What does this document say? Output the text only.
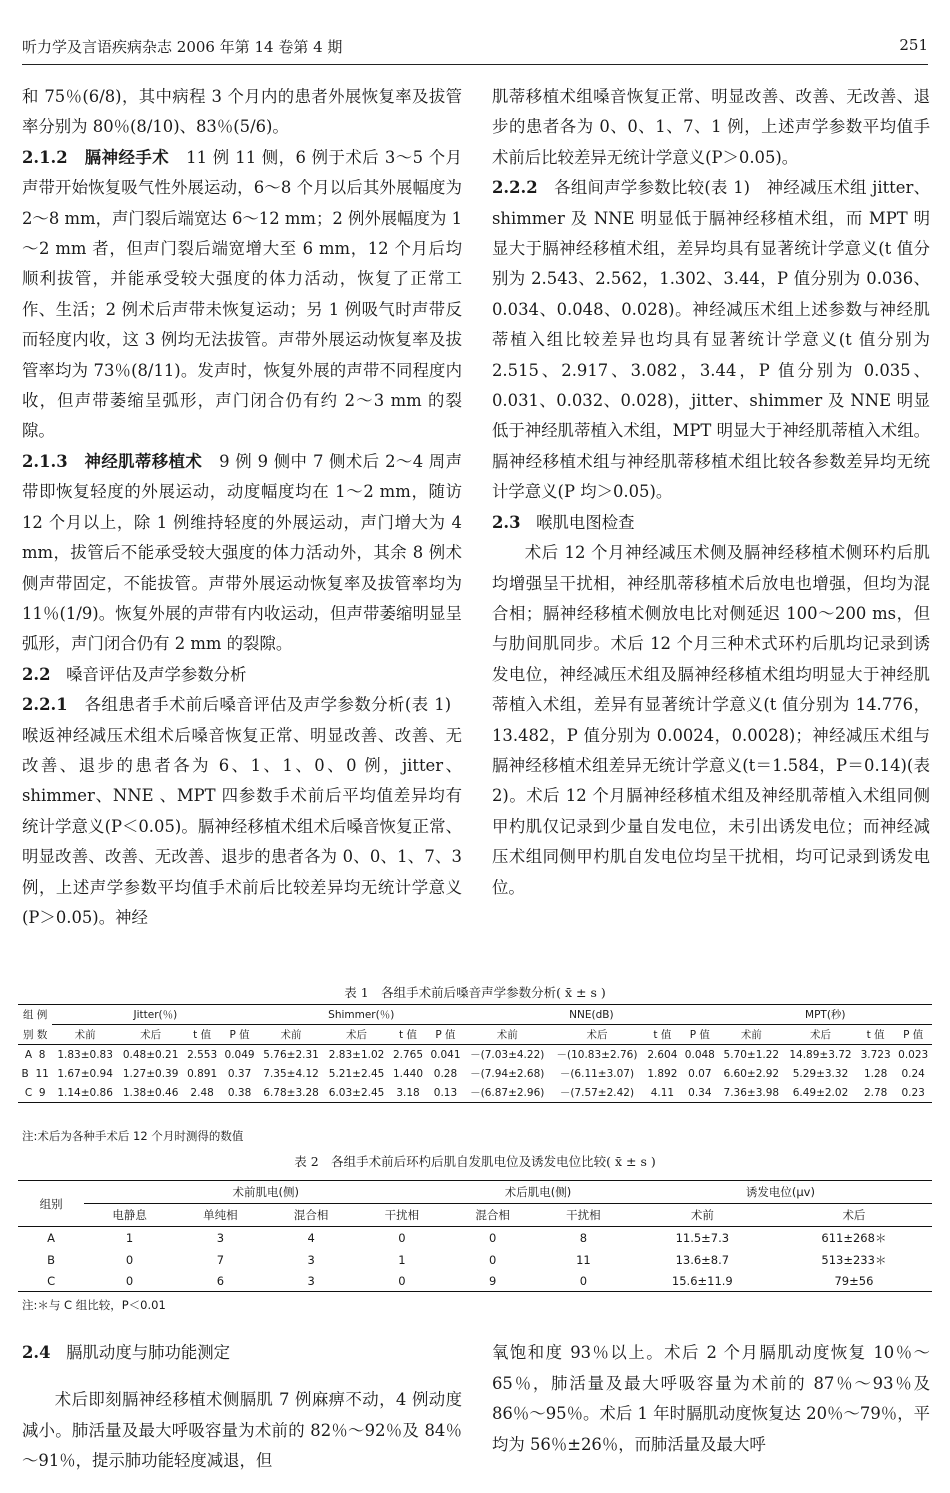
听力学及言语疾病杂志 2006 年第 14 卷第 4 期	251

和 75％(6/8)，其中病程 3 个月内的患者外展恢复率及拔管率分别为 80％(8/10)、83％(5/6)。

2.1.2 膈神经手术 11 例 11 侧，6 例于术后 3～5 个月声带开始恢复吸气性外展运动，6～8 个月以后其外展幅度为 2～8 mm，声门裂后端宽达 6～12 mm；2 例外展幅度为 1～2 mm 者，但声门裂后端宽增大至 6 mm，12 个月后均顺利拔管，并能承受较大强度的体力活动，恢复了正常工作、生活；2 例术后声带未恢复运动；另 1 例吸气时声带反而轻度内收，这 3 例均无法拔管。声带外展运动恢复率及拔管率均为 73％(8/11)。发声时，恢复外展的声带不同程度内收，但声带萎缩呈弧形，声门闭合仍有约 2～3 mm 的裂隙。

2.1.3 神经肌蒂移植术 9 例 9 侧中 7 侧术后 2～4 周声带即恢复轻度的外展运动，动度幅度均在 1～2 mm，随访 12 个月以上，除 1 例维持轻度的外展运动，声门增大为 4 mm，拔管后不能承受较大强度的体力活动外，其余 8 例术侧声带固定，不能拔管。声带外展运动恢复率及拔管率均为 11％(1/9)。恢复外展的声带有内收运动，但声带萎缩明显呈弧形，声门闭合仍有 2 mm 的裂隙。

2.2 嗓音评估及声学参数分析

2.2.1 各组患者手术前后嗓音评估及声学参数分析(表 1)   喉返神经减压术组术后嗓音恢复正常、明显改善、改善、无改善、退步的患者各为 6、1、1、0、0 例，jitter、shimmer、NNE 、MPT 四参数手术前后平均值差异均有统计学意义(P＜0.05)。膈神经移植术组术后嗓音恢复正常、明显改善、改善、无改善、退步的患者各为 0、0、1、7、3 例，上述声学参数平均值手术前后比较差异均无统计学意义(P＞0.05)。神经

肌蒂移植术组嗓音恢复正常、明显改善、改善、无改善、退步的患者各为 0、0、1、7、1 例，上述声学参数平均值手术前后比较差异无统计学意义(P＞0.05)。

2.2.2 各组间声学参数比较(表 1) 神经减压术组 jitter、shimmer 及 NNE 明显低于膈神经移植术组，而 MPT 明显大于膈神经移植术组，差异均具有显著统计学意义(t 值分别为 2.543、2.562，1.302、3.44，P 值分别为 0.036、0.034、0.048、0.028)。神经减压术组上述参数与神经肌蒂植入组比较差异也均具有显著统计学意义(t 值分别为 2.515、2.917、3.082，3.44，P 值分别为 0.035、0.031、0.032、0.028)，jitter、shimmer 及 NNE 明显低于神经肌蒂植入术组，MPT 明显大于神经肌蒂植入术组。膈神经移植术组与神经肌蒂移植术组比较各参数差异均无统计学意义(P 均＞0.05)。

2.3 喉肌电图检查

术后 12 个月神经减压术侧及膈神经移植术侧环杓后肌均增强呈干扰相，神经肌蒂移植术后放电也增强，但均为混合相；膈神经移植术侧放电比对侧延迟 100～200 ms，但与肋间肌同步。术后 12 个月三种术式环杓后肌均记录到诱发电位，神经减压术组及膈神经移植术组均明显大于神经肌蒂植入术组，差异有显著统计学意义(t 值分别为 14.776，13.482，P 值分别为 0.0024，0.0028)；神经减压术组与膈神经移植术组差异无统计学意义(t＝1.584，P＝0.14)(表 2)。术后 12 个月膈神经移植术组及神经肌蒂植入术组同侧甲杓肌仅记录到少量自发电位，未引出诱发电位；而神经减压术组同侧甲杓肌自发电位均呈干扰相，均可记录到诱发电位。

表 1　各组手术前后嗓音声学参数分析( x̄ ± s )
组 例	Jitter(％)				Shimmer(％)				NNE(dB)				MPT(秒)			
别 数	术前	术后	t 值	P 值	术前	术后	t 值	P 值	术前	术后	t 值	P 值	术前	术后	t 值	P 值
A 8	1.83±0.83	0.48±0.21	2.553	0.049	5.76±2.31	2.83±1.02	2.765	0.041	－(7.03±4.22)	－(10.83±2.76)	2.604	0.048	5.70±1.22	14.89±3.72	3.723	0.023
B 11	1.67±0.94	1.27±0.39	0.891	0.37	7.35±4.12	5.21±2.45	1.440	0.28	－(7.94±2.68)	－(6.11±3.07)	1.892	0.07	6.60±2.92	5.29±3.32	1.28	0.24
C 9	1.14±0.86	1.38±0.46	2.48	0.38	6.78±3.28	6.03±2.45	3.18	0.13	－(6.87±2.96)	－(7.57±2.42)	4.11	0.34	7.36±3.98	6.49±2.02	2.78	0.23
注:术后为各种手术后 12 个月时测得的数值
表 2　各组手术前后环杓后肌自发肌电位及诱发电位比较( x̄ ± s )
组别	术前肌电(侧)				术后肌电(侧)		诱发电位(μv)	
	电静息	单纯相	混合相	干扰相	混合相	干扰相	术前	术后
A	1	3	4	0	0	8	11.5±7.3	611±268＊
B	0	7	3	1	0	11	13.6±8.7	513±233＊
C	0	6	3	0	9	0	15.6±11.9	79±56
注:＊与 C 组比较，P＜0.01

2.4 膈肌动度与肺功能测定

术后即刻膈神经移植术侧膈肌 7 例麻痹不动，4 例动度减小。肺活量及最大呼吸容量为术前的 82％～92％及 84％～91％，提示肺功能轻度减退，但

氧饱和度 93％以上。术后 2 个月膈肌动度恢复 10％～65％，肺活量及最大呼吸容量为术前的 87％～93％及 86％～95％。术后 1 年时膈肌动度恢复达 20％～79％，平均为 56％±26％，而肺活量及最大呼
